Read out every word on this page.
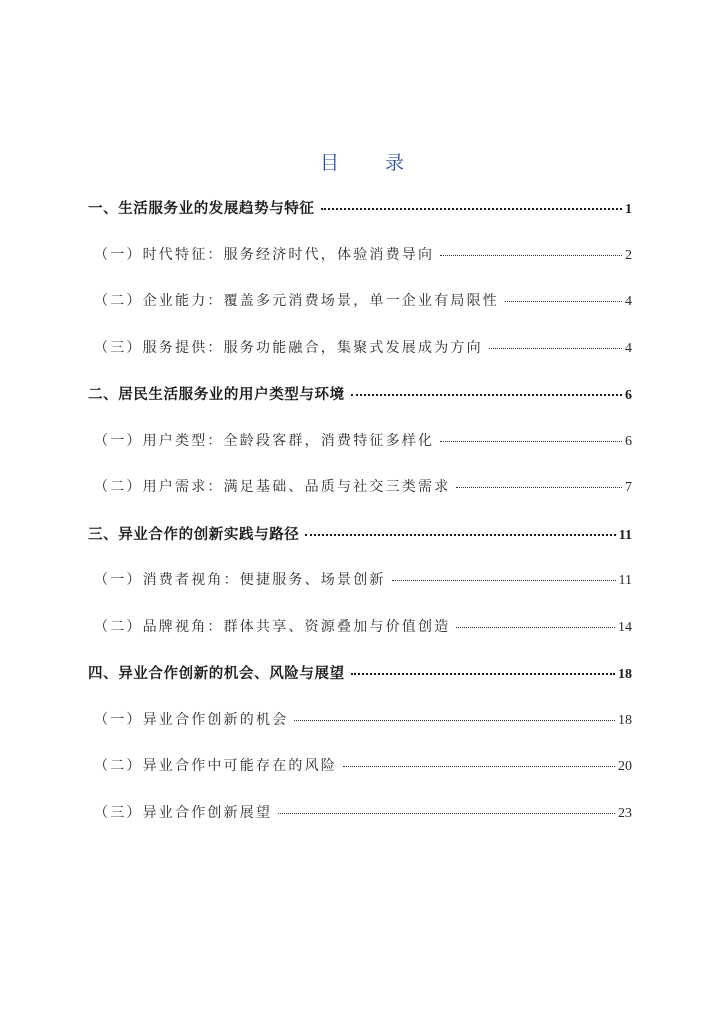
目 录
一、生活服务业的发展趋势与特征	1
（一）时代特征：服务经济时代，体验消费导向	2
（二）企业能力：覆盖多元消费场景，单一企业有局限性	4
（三）服务提供：服务功能融合，集聚式发展成为方向	4
二、居民生活服务业的用户类型与环境	6
（一）用户类型：全龄段客群，消费特征多样化	6
（二）用户需求：满足基础、品质与社交三类需求	7
三、异业合作的创新实践与路径	11
（一）消费者视角：便捷服务、场景创新	11
（二）品牌视角：群体共享、资源叠加与价值创造	14
四、异业合作创新的机会、风险与展望	18
（一）异业合作创新的机会	18
（二）异业合作中可能存在的风险	20
（三）异业合作创新展望	23
